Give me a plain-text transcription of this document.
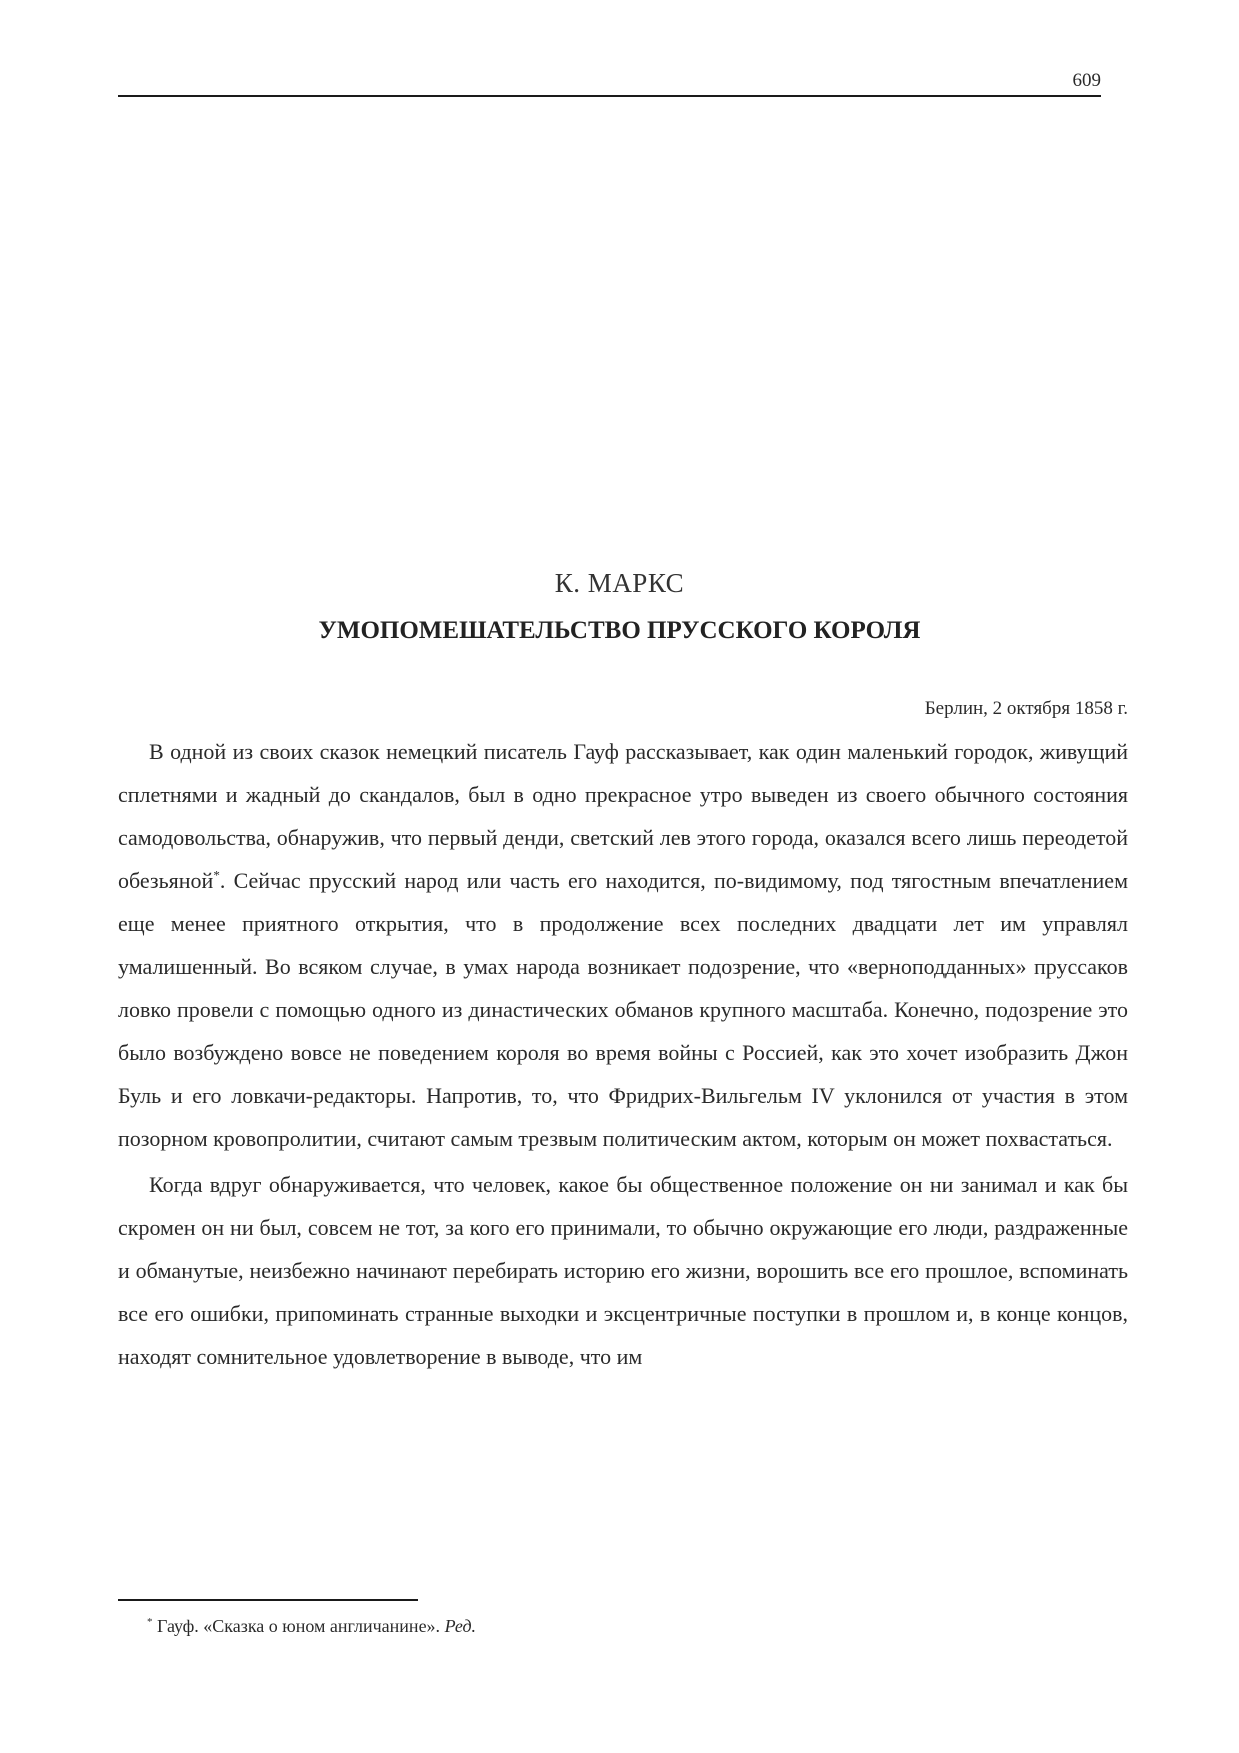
609
К. МАРКС
УМОПОМЕШАТЕЛЬСТВО ПРУССКОГО КОРОЛЯ
Берлин, 2 октября 1858 г.

В одной из своих сказок немецкий писатель Гауф рассказывает, как один маленький городок, живущий сплетнями и жадный до скандалов, был в одно прекрасное утро выведен из своего обычного состояния самодовольства, обнаружив, что первый денди, светский лев этого города, оказался всего лишь переодетой обезьяной*. Сейчас прусский народ или часть его находится, по-видимому, под тягостным впечатлением еще менее приятного открытия, что в продолжение всех последних двадцати лет им управлял умалишенный. Во всяком случае, в умах народа возникает подозрение, что «верноподданных» пруссаков ловко провели с помощью одного из династических обманов крупного масштаба. Конечно, подозрение это было возбуждено вовсе не поведением короля во время войны с Россией, как это хочет изобразить Джон Буль и его ловкачи-редакторы. Напротив, то, что Фридрих-Вильгельм IV уклонился от участия в этом позорном кровопролитии, считают самым трезвым политическим актом, которым он может похвастаться.

Когда вдруг обнаруживается, что человек, какое бы общественное положение он ни занимал и как бы скромен он ни был, совсем не тот, за кого его принимали, то обычно окружающие его люди, раздраженные и обманутые, неизбежно начинают перебирать историю его жизни, ворошить все его прошлое, вспоминать все его ошибки, припоминать странные выходки и эксцентричные поступки в прошлом и, в конце концов, находят сомнительное удовлетворение в выводе, что им

* Гауф. «Сказка о юном англичанине». Ред.
